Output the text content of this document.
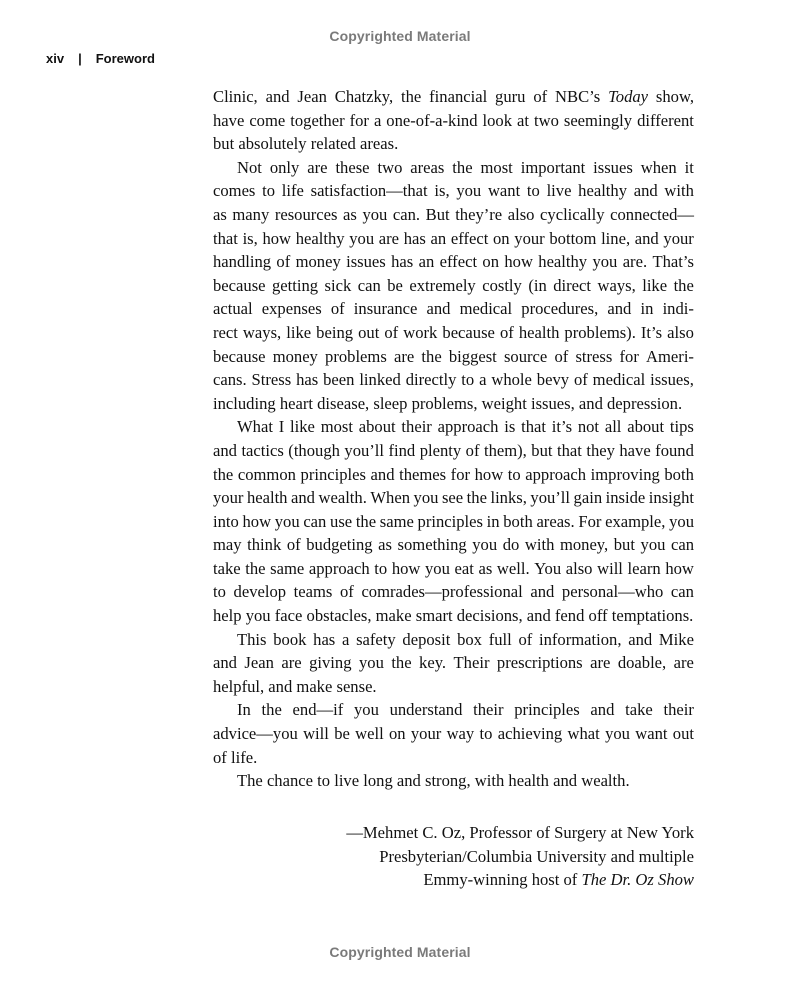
Copyrighted Material
xiv | Foreword
Clinic, and Jean Chatzky, the financial guru of NBC’s Today show,
have come together for a one-of-a-kind look at two seemingly different
but absolutely related areas.
Not only are these two areas the most important issues when it
comes to life satisfaction—that is, you want to live healthy and with
as many resources as you can. But they’re also cyclically connected—
that is, how healthy you are has an effect on your bottom line, and your
handling of money issues has an effect on how healthy you are. That’s
because getting sick can be extremely costly (in direct ways, like the
actual expenses of insurance and medical procedures, and in indi-
rect ways, like being out of work because of health problems). It’s also
because money problems are the biggest source of stress for Ameri-
cans. Stress has been linked directly to a whole bevy of medical issues,
including heart disease, sleep problems, weight issues, and depression.
What I like most about their approach is that it’s not all about tips
and tactics (though you’ll find plenty of them), but that they have found
the common principles and themes for how to approach improving both
your health and wealth. When you see the links, you’ll gain inside insight
into how you can use the same principles in both areas. For example, you
may think of budgeting as something you do with money, but you can
take the same approach to how you eat as well. You also will learn how
to develop teams of comrades—professional and personal—who can
help you face obstacles, make smart decisions, and fend off temptations.
This book has a safety deposit box full of information, and Mike
and Jean are giving you the key. Their prescriptions are doable, are
helpful, and make sense.
In the end—if you understand their principles and take their
advice—you will be well on your way to achieving what you want out
of life.
The chance to live long and strong, with health and wealth.
—Mehmet C. Oz, Professor of Surgery at New York
Presbyterian/Columbia University and multiple
Emmy-winning host of The Dr. Oz Show
Copyrighted Material
